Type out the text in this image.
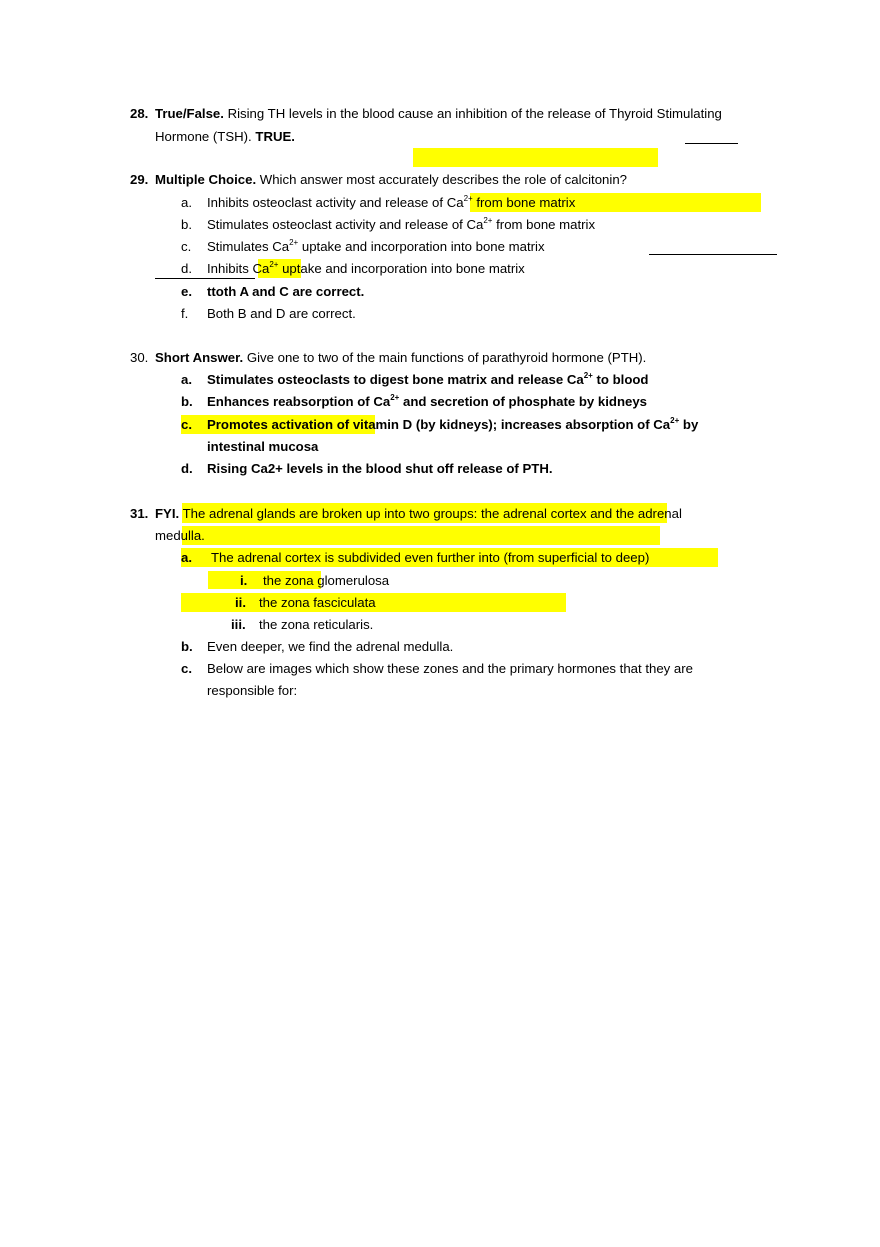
28. True/False. Rising TH levels in the blood cause an inhibition of the release of Thyroid Stimulating
Hormone (TSH). TRUE.
29. Multiple Choice. Which answer most accurately describes the role of calcitonin?
a. Inhibits osteoclast activity and release of $Ca^{2+}$ from bone matrix
b. Stimulates osteoclast activity and release of $Ca^{2+}$ from bone matrix
c. Stimulates $Ca^{2+}$ uptake and incorporation into bone matrix
d. Inhibits $Ca^{2+}$ uptake and incorporation into bone matrix
e. ttoth A and C are correct.
f. Both B and D are correct.
30. Short Answer. Give one to two of the main functions of parathyroid hormone (PTH).
a. Stimulates osteoclasts to digest bone matrix and release $Ca^{2+}$ to blood
b. Enhances reabsorption of $Ca^{2+}$ and secretion of phosphate by kidneys
c. Promotes activation of vitamin D (by kidneys); increases absorption of $Ca^{2+}$ by
intestinal mucosa
d. Rising Ca2+ levels in the blood shut off release of PTH.
31. FYI. The adrenal glands are broken up into two groups: the adrenal cortex and the adrenal
medulla.
a. The adrenal cortex is subdivided even further into (from superficial to deep)
i. the zona glomerulosa
ii. the zona fasciculata
iii. the zona reticularis.
b. Even deeper, we find the adrenal medulla.
c. Below are images which show these zones and the primary hormones that they are
responsible for:
